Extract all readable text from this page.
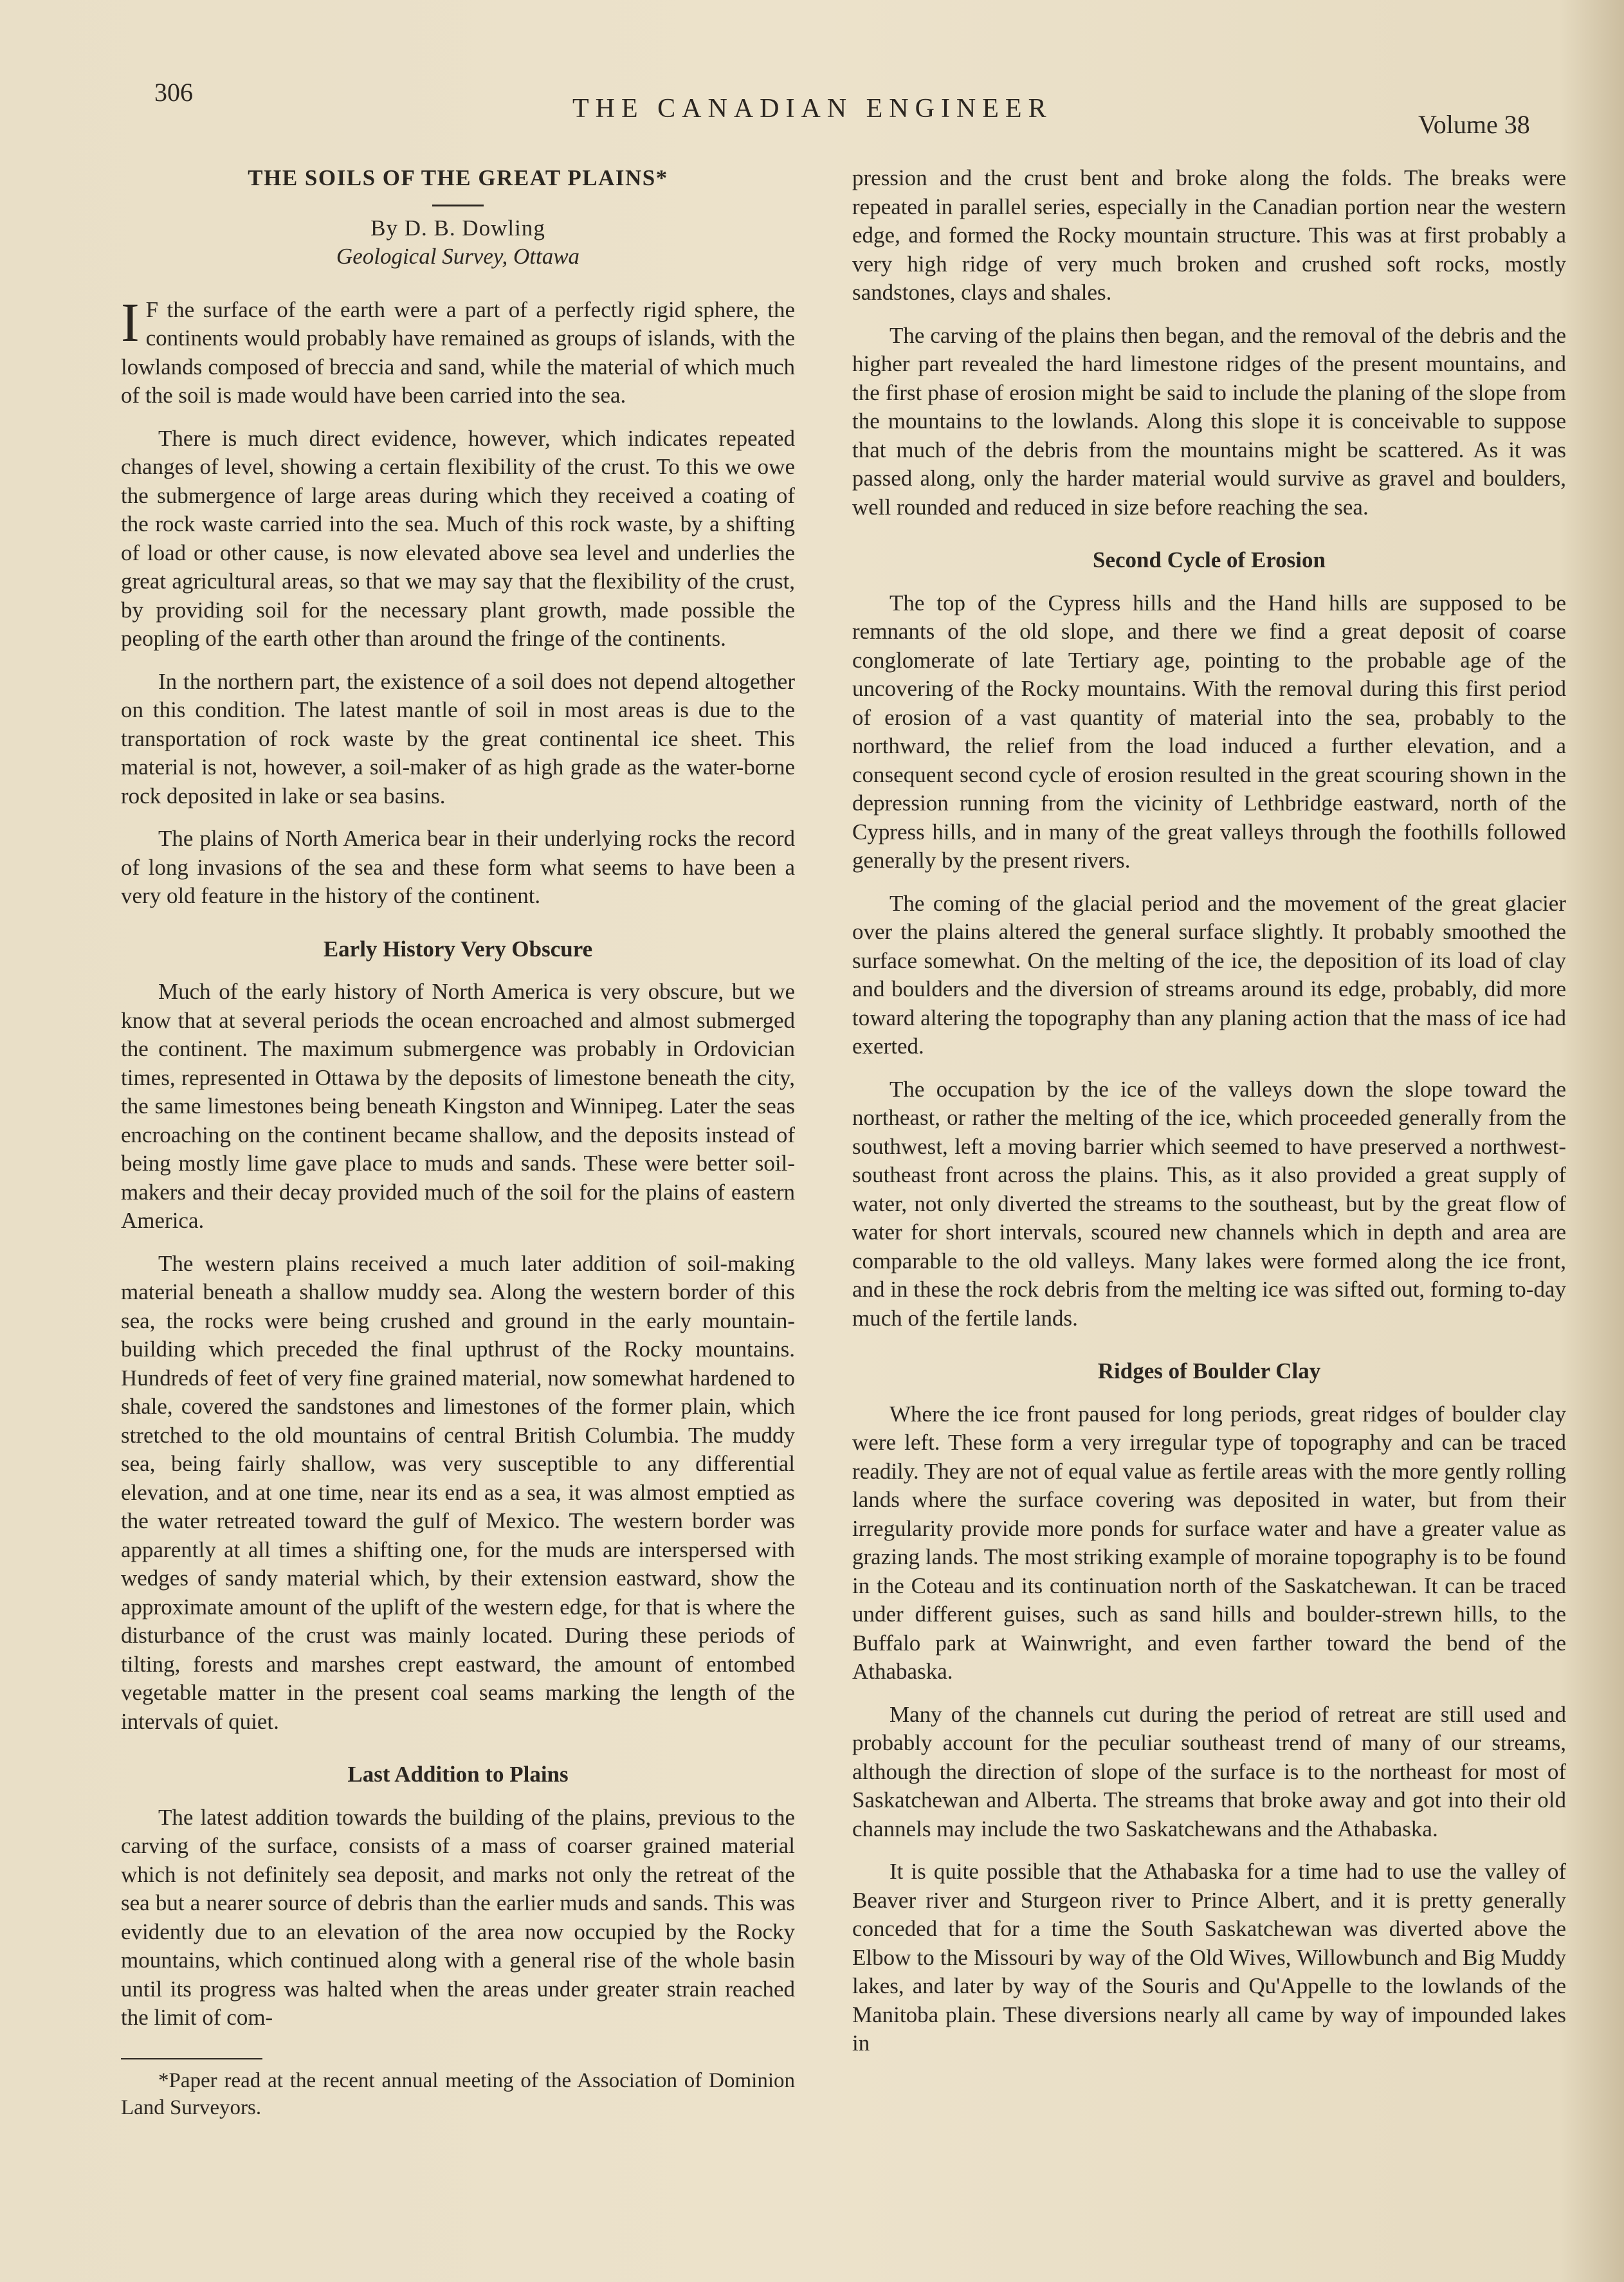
306
THE CANADIAN ENGINEER
Volume 38
THE SOILS OF THE GREAT PLAINS*
By D. B. Dowling
Geological Survey, Ottawa

IF the surface of the earth were a part of a perfectly rigid sphere, the continents would probably have remained as groups of islands, with the lowlands composed of breccia and sand, while the material of which much of the soil is made would have been carried into the sea.

There is much direct evidence, however, which indicates repeated changes of level, showing a certain flexibility of the crust. To this we owe the submergence of large areas during which they received a coating of the rock waste carried into the sea. Much of this rock waste, by a shifting of load or other cause, is now elevated above sea level and underlies the great agricultural areas, so that we may say that the flexibility of the crust, by providing soil for the necessary plant growth, made possible the peopling of the earth other than around the fringe of the continents.

In the northern part, the existence of a soil does not depend altogether on this condition. The latest mantle of soil in most areas is due to the transportation of rock waste by the great continental ice sheet. This material is not, however, a soil-maker of as high grade as the water-borne rock deposited in lake or sea basins.

The plains of North America bear in their underlying rocks the record of long invasions of the sea and these form what seems to have been a very old feature in the history of the continent.

Early History Very Obscure

Much of the early history of North America is very obscure, but we know that at several periods the ocean encroached and almost submerged the continent. The maximum submergence was probably in Ordovician times, represented in Ottawa by the deposits of limestone beneath the city, the same limestones being beneath Kingston and Winnipeg. Later the seas encroaching on the continent became shallow, and the deposits instead of being mostly lime gave place to muds and sands. These were better soil-makers and their decay provided much of the soil for the plains of eastern America.

The western plains received a much later addition of soil-making material beneath a shallow muddy sea. Along the western border of this sea, the rocks were being crushed and ground in the early mountain-building which preceded the final upthrust of the Rocky mountains. Hundreds of feet of very fine grained material, now somewhat hardened to shale, covered the sandstones and limestones of the former plain, which stretched to the old mountains of central British Columbia. The muddy sea, being fairly shallow, was very susceptible to any differential elevation, and at one time, near its end as a sea, it was almost emptied as the water retreated toward the gulf of Mexico. The western border was apparently at all times a shifting one, for the muds are interspersed with wedges of sandy material which, by their extension eastward, show the approximate amount of the uplift of the western edge, for that is where the disturbance of the crust was mainly located. During these periods of tilting, forests and marshes crept eastward, the amount of entombed vegetable matter in the present coal seams marking the length of the intervals of quiet.

Last Addition to Plains

The latest addition towards the building of the plains, previous to the carving of the surface, consists of a mass of coarser grained material which is not definitely sea deposit, and marks not only the retreat of the sea but a nearer source of debris than the earlier muds and sands. This was evidently due to an elevation of the area now occupied by the Rocky mountains, which continued along with a general rise of the whole basin until its progress was halted when the areas under greater strain reached the limit of com-

*Paper read at the recent annual meeting of the Association of Dominion Land Surveyors.

pression and the crust bent and broke along the folds. The breaks were repeated in parallel series, especially in the Canadian portion near the western edge, and formed the Rocky mountain structure. This was at first probably a very high ridge of very much broken and crushed soft rocks, mostly sandstones, clays and shales.

The carving of the plains then began, and the removal of the debris and the higher part revealed the hard limestone ridges of the present mountains, and the first phase of erosion might be said to include the planing of the slope from the mountains to the lowlands. Along this slope it is conceivable to suppose that much of the debris from the mountains might be scattered. As it was passed along, only the harder material would survive as gravel and boulders, well rounded and reduced in size before reaching the sea.

Second Cycle of Erosion

The top of the Cypress hills and the Hand hills are supposed to be remnants of the old slope, and there we find a great deposit of coarse conglomerate of late Tertiary age, pointing to the probable age of the uncovering of the Rocky mountains. With the removal during this first period of erosion of a vast quantity of material into the sea, probably to the northward, the relief from the load induced a further elevation, and a consequent second cycle of erosion resulted in the great scouring shown in the depression running from the vicinity of Lethbridge eastward, north of the Cypress hills, and in many of the great valleys through the foothills followed generally by the present rivers.

The coming of the glacial period and the movement of the great glacier over the plains altered the general surface slightly. It probably smoothed the surface somewhat. On the melting of the ice, the deposition of its load of clay and boulders and the diversion of streams around its edge, probably, did more toward altering the topography than any planing action that the mass of ice had exerted.

The occupation by the ice of the valleys down the slope toward the northeast, or rather the melting of the ice, which proceeded generally from the southwest, left a moving barrier which seemed to have preserved a northwest-southeast front across the plains. This, as it also provided a great supply of water, not only diverted the streams to the southeast, but by the great flow of water for short intervals, scoured new channels which in depth and area are comparable to the old valleys. Many lakes were formed along the ice front, and in these the rock debris from the melting ice was sifted out, forming to-day much of the fertile lands.

Ridges of Boulder Clay

Where the ice front paused for long periods, great ridges of boulder clay were left. These form a very irregular type of topography and can be traced readily. They are not of equal value as fertile areas with the more gently rolling lands where the surface covering was deposited in water, but from their irregularity provide more ponds for surface water and have a greater value as grazing lands. The most striking example of moraine topography is to be found in the Coteau and its continuation north of the Saskatchewan. It can be traced under different guises, such as sand hills and boulder-strewn hills, to the Buffalo park at Wainwright, and even farther toward the bend of the Athabaska.

Many of the channels cut during the period of retreat are still used and probably account for the peculiar southeast trend of many of our streams, although the direction of slope of the surface is to the northeast for most of Saskatchewan and Alberta. The streams that broke away and got into their old channels may include the two Saskatchewans and the Athabaska.

It is quite possible that the Athabaska for a time had to use the valley of Beaver river and Sturgeon river to Prince Albert, and it is pretty generally conceded that for a time the South Saskatchewan was diverted above the Elbow to the Missouri by way of the Old Wives, Willowbunch and Big Muddy lakes, and later by way of the Souris and Qu'Appelle to the lowlands of the Manitoba plain. These diversions nearly all came by way of impounded lakes in
